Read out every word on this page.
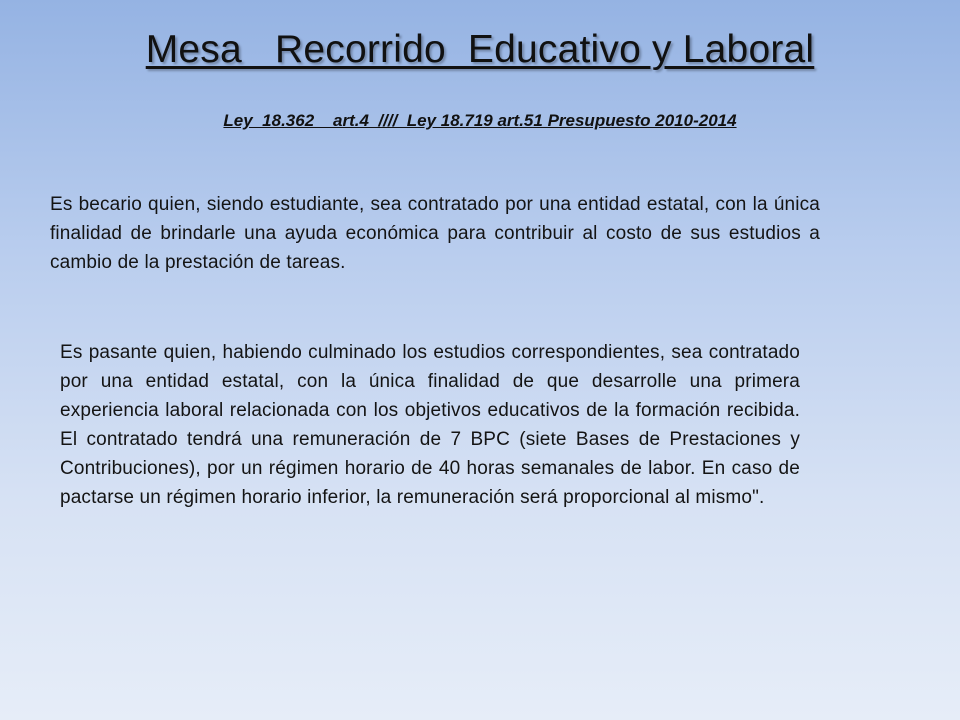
Mesa   Recorrido  Educativo y Laboral

Ley  18.362    art.4  ////  Ley 18.719 art.51 Presupuesto 2010-2014

Es becario quien, siendo estudiante, sea contratado por una entidad estatal, con la única finalidad de brindarle una ayuda económica para contribuir al costo de sus estudios a cambio de la prestación de tareas.

Es pasante quien, habiendo culminado los estudios correspondientes, sea contratado por una entidad estatal, con la única finalidad de que desarrolle una primera experiencia laboral relacionada con los objetivos educativos de la formación recibida. El contratado tendrá una remuneración de 7 BPC (siete Bases de Prestaciones y Contribuciones), por un régimen horario de 40 horas semanales de labor. En caso de pactarse un régimen horario inferior, la remuneración será proporcional al mismo".
